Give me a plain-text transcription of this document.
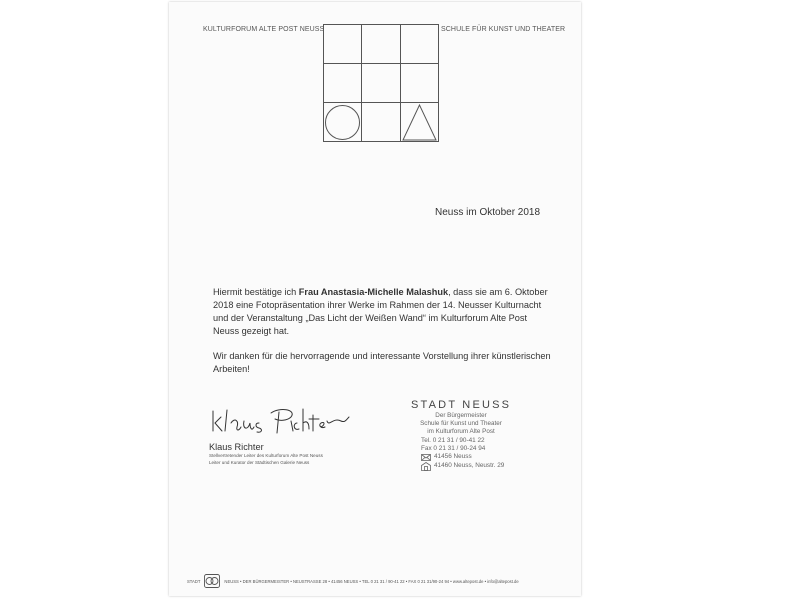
KULTURFORUM ALTE POST NEUSS	SCHULE FÜR KUNST UND THEATER
Neuss im Oktober 2018
Hiermit bestätige ich Frau Anastasia-Michelle Malashuk, dass sie am 6. Oktober 2018 eine Fotopräsentation ihrer Werke im Rahmen der 14. Neusser Kulturnacht und der Veranstaltung „Das Licht der Weißen Wand“ im Kulturforum Alte Post Neuss gezeigt hat.
Wir danken für die hervorragende und interessante Vorstellung ihrer künstlerischen Arbeiten!
Klaus Richter
Stellvertretender Leiter des Kulturforum Alte Post Neuss
Leiter und Kurator der Städtischen Galerie Neuss
STADT NEUSS
Der Bürgermeister
Schule für Kunst und Theater
im Kulturforum Alte Post
Tel. 0 21 31 / 90-41 22
Fax 0 21 31 / 90-24 94
41456 Neuss
41460 Neuss, Neustr. 29
STADT	NEUSS • DER BÜRGERMEISTER • NEUSTRASSE 28 • 41456 NEUSS • TEL 0 21 31 / 90-41 22 • FAX 0 21 31/90-24 94 • www.altepost.de • info@altepost.de
